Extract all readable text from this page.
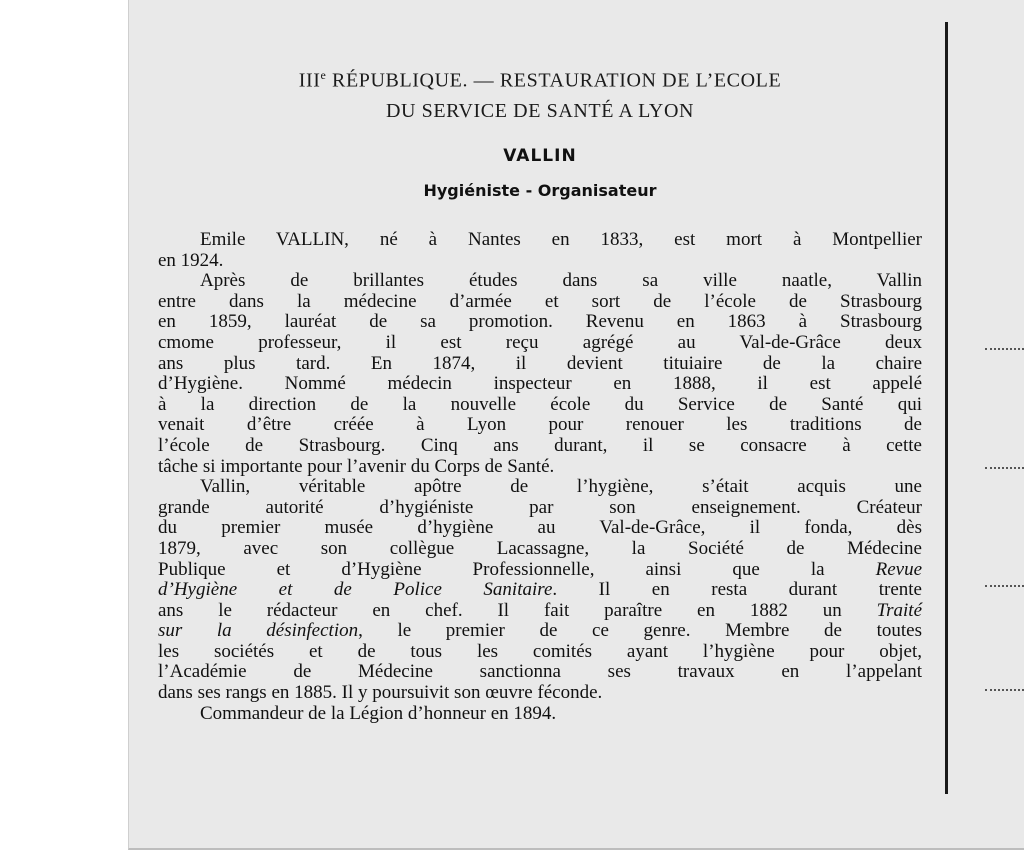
IIIe RÉPUBLIQUE. — RESTAURATION DE L’ECOLE
DU SERVICE DE SANTÉ A LYON
VALLIN
Hygiéniste - Organisateur

Emile VALLIN, né à Nantes en 1833, est mort à Montpellier
en 1924.

Après de brillantes études dans sa ville naatle, Vallin
entre dans la médecine d’armée et sort de l’école de Strasbourg
en 1859, lauréat de sa promotion. Revenu en 1863 à Strasbourg
cmome professeur, il est reçu agrégé au Val-de-Grâce deux
ans plus tard. En 1874, il devient tituiaire de la chaire
d’Hygiène. Nommé médecin inspecteur en 1888, il est appelé
à la direction de la nouvelle école du Service de Santé qui
venait d’être créée à Lyon pour renouer les traditions de
l’école de Strasbourg. Cinq ans durant, il se consacre à cette
tâche si importante pour l’avenir du Corps de Santé.

Vallin, véritable apôtre de l’hygiène, s’était acquis une
grande autorité d’hygiéniste par son enseignement. Créateur
du premier musée d’hygiène au Val-de-Grâce, il fonda, dès
1879, avec son collègue Lacassagne, la Société de Médecine
Publique et d’Hygiène Professionnelle, ainsi que la Revue
d’Hygiène et de Police Sanitaire. Il en resta durant trente
ans le rédacteur en chef. Il fait paraître en 1882 un Traité
sur la désinfection, le premier de ce genre. Membre de toutes
les sociétés et de tous les comités ayant l’hygiène pour objet,
l’Académie de Médecine sanctionna ses travaux en l’appelant
dans ses rangs en 1885. Il y poursuivit son œuvre féconde.

Commandeur de la Légion d’honneur en 1894.
